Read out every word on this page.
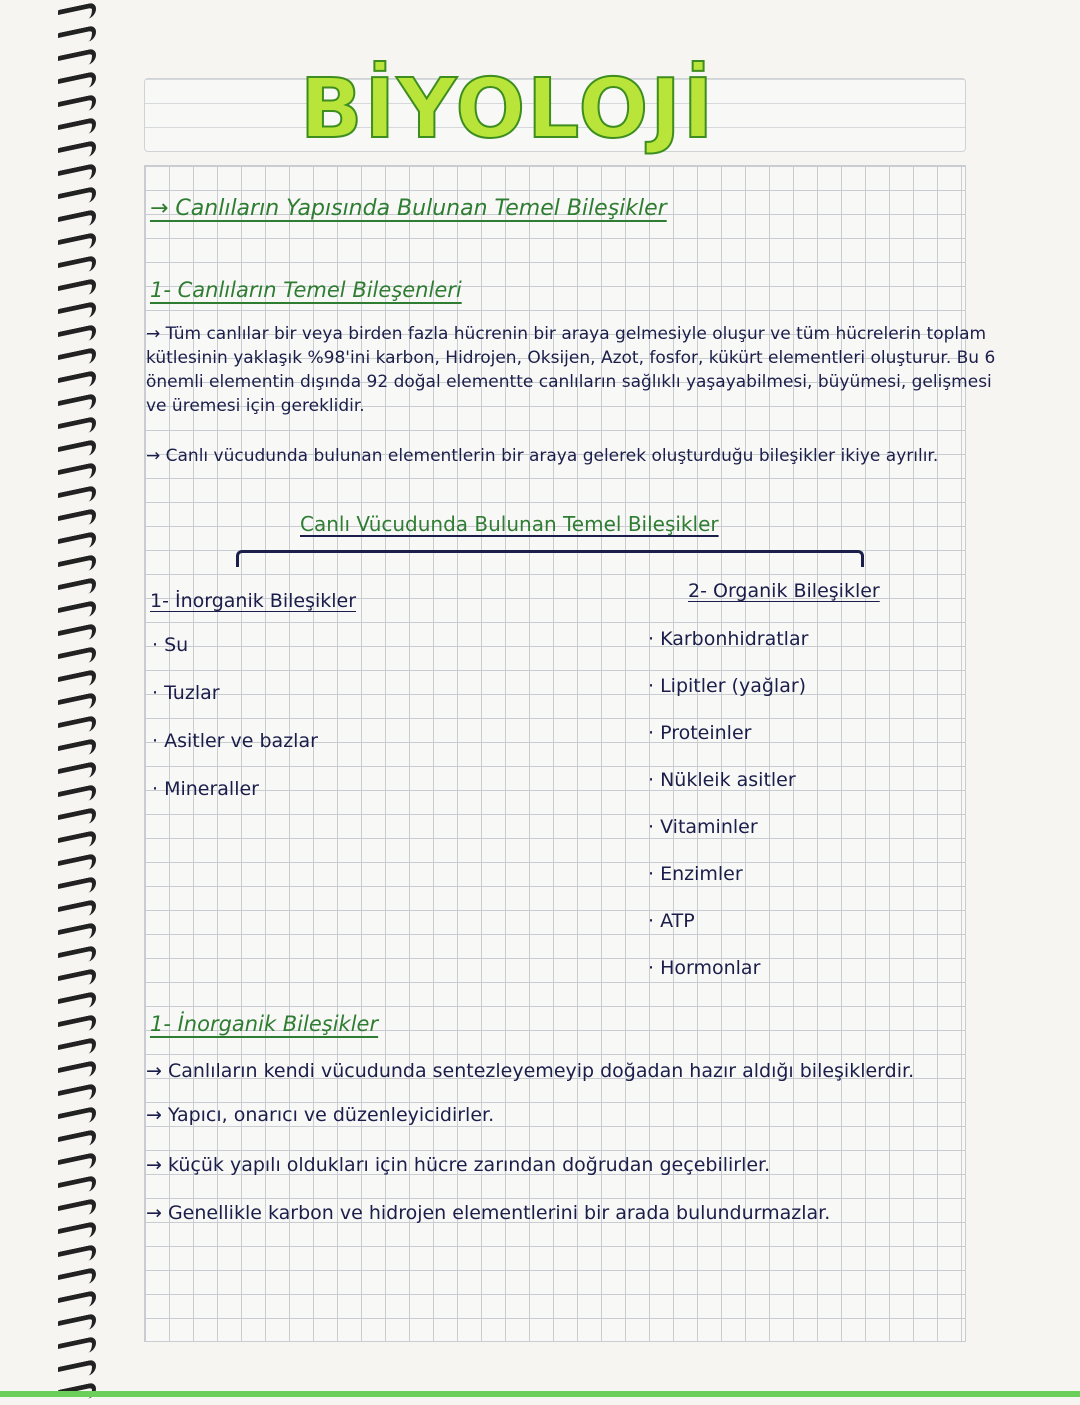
BİYOLOJİ
→ Canlıların Yapısında Bulunan Temel Bileşikler
1- Canlıların Temel Bileşenleri
→ Tüm canlılar bir veya birden fazla hücrenin bir araya gelmesiyle oluşur ve tüm hücrelerin toplam kütlesinin yaklaşık %98'ini karbon, Hidrojen, Oksijen, Azot, fosfor, kükürt elementleri oluşturur. Bu 6 önemli elementin dışında 92 doğal elementte canlıların sağlıklı yaşayabilmesi, büyümesi, gelişmesi ve üremesi için gereklidir.
→ Canlı vücudunda bulunan elementlerin bir araya gelerek oluşturduğu bileşikler ikiye ayrılır.
Canlı Vücudunda Bulunan Temel Bileşikler
1- İnorganik Bileşikler
· Su
· Tuzlar
· Asitler ve bazlar
· Mineraller
2- Organik Bileşikler
· Karbonhidratlar
· Lipitler (yağlar)
· Proteinler
· Nükleik asitler
· Vitaminler
· Enzimler
· ATP
· Hormonlar
1- İnorganik Bileşikler
→ Canlıların kendi vücudunda sentezleyemeyip doğadan hazır aldığı bileşiklerdir.
→ Yapıcı, onarıcı ve düzenleyicidirler.
→ küçük yapılı oldukları için hücre zarından doğrudan geçebilirler.
→ Genellikle karbon ve hidrojen elementlerini bir arada bulundurmazlar.
